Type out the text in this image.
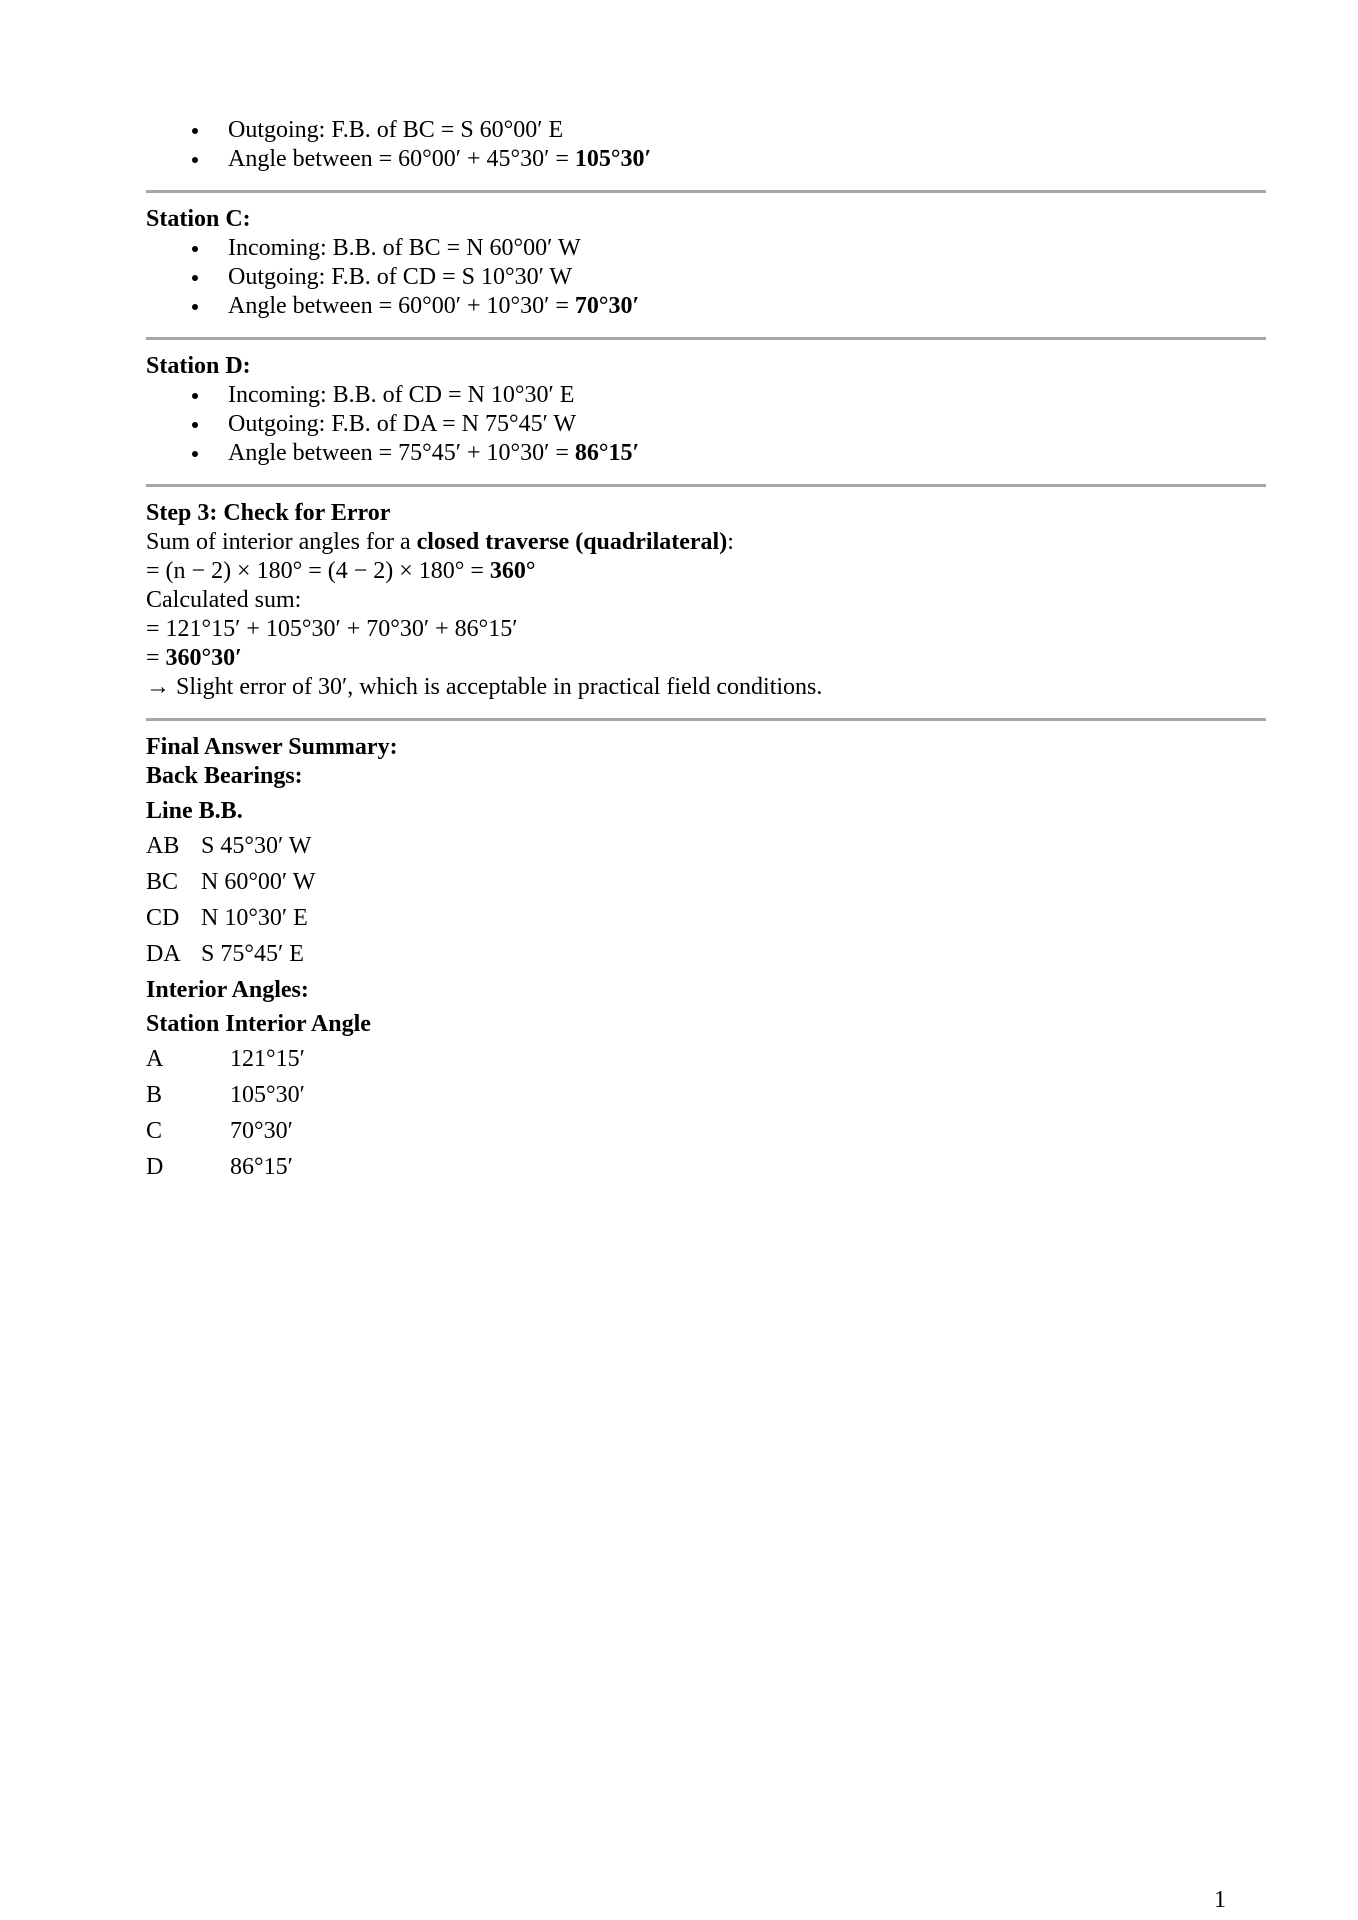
Outgoing: F.B. of BC = S 60°00′ E
Angle between = 60°00′ + 45°30′ = 105°30′
Station C:
Incoming: B.B. of BC = N 60°00′ W
Outgoing: F.B. of CD = S 10°30′ W
Angle between = 60°00′ + 10°30′ = 70°30′
Station D:
Incoming: B.B. of CD = N 10°30′ E
Outgoing: F.B. of DA = N 75°45′ W
Angle between = 75°45′ + 10°30′ = 86°15′
Step 3: Check for Error
Sum of interior angles for a closed traverse (quadrilateral):
= (n − 2) × 180° = (4 − 2) × 180° = 360°
Calculated sum:
= 121°15′ + 105°30′ + 70°30′ + 86°15′
= 360°30′
→ Slight error of 30′, which is acceptable in practical field conditions.
Final Answer Summary:
Back Bearings:
Line B.B.
AB S 45°30′ W
BC N 60°00′ W
CD N 10°30′ E
DA S 75°45′ E
Interior Angles:
Station Interior Angle
A	121°15′
B	105°30′
C	70°30′
D	86°15′
1
